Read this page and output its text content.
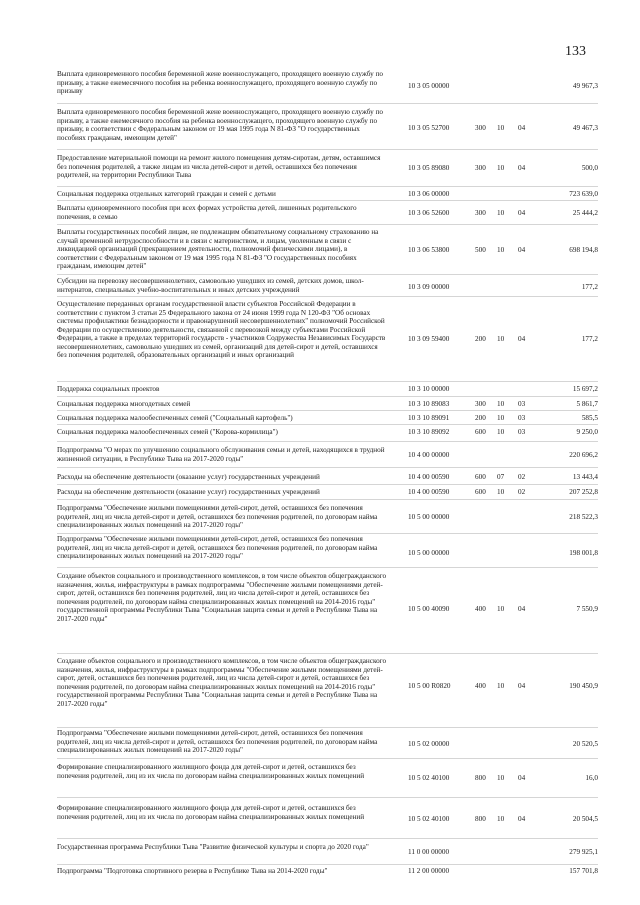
133
Выплата единовременного пособия беременной жене военнослужащего, проходящего военную службу по призыву, а также ежемесячного пособия на ребенка военнослужащего, проходящего военную службу по призыву
10 3 05 00000	49 967,3
Выплата единовременного пособия беременной жене военнослужащего, проходящего военную службу по призыву, а также ежемесячного пособия на ребенка военнослужащего, проходящего военную службу по призыву, в соответствии с Федеральным законом от 19 мая 1995 года N 81-ФЗ "О государственных пособиях гражданам, имеющим детей"
10 3 05 52700	300	10	04	49 467,3
Предоставление материальной помощи на ремонт жилого помещения детям-сиротам, детям, оставшимся без попечения родителей, а также лицам из числа детей-сирот и детей, оставшихся без попечения родителей, на территории Республики Тыва
10 3 05 89080	300	10	04	500,0
Социальная поддержка отдельных категорий граждан и семей с детьми	10 3 06 00000	723 639,0
Выплаты единовременного пособия при всех формах устройства детей, лишенных родительского попечения, в семью	10 3 06 52600	300	10	04	25 444,2
Выплаты государственных пособий лицам, не подлежащим обязательному социальному страхованию на случай временной нетрудоспособности и в связи с материнством, и лицам, уволенным в связи с ликвидацией организаций (прекращением деятельности, полномочий физическими лицами), в соответствии с Федеральным законом от 19 мая 1995 года N 81-ФЗ "О государственных пособиях гражданам, имеющим детей"
10 3 06 53800	500	10	04	698 194,8
Субсидии на перевозку несовершеннолетних, самовольно ушедших из семей, детских домов, школ-интернатов, специальных учебно-воспитательных и иных детских учреждений	10 3 09 00000	177,2
Осуществление переданных органам государственной власти субъектов Российской Федерации в соответствии с пунктом 3 статьи 25 Федерального закона от 24 июня 1999 года N 120-ФЗ "Об основах системы профилактики безнадзорности и правонарушений несовершеннолетних" полномочий Российской Федерации по осуществлению деятельности, связанной с перевозкой между субъектами Российской Федерации, а также в пределах территорий государств - участников Содружества Независимых Государств несовершеннолетних, самовольно ушедших из семей, организаций для детей-сирот и детей, оставшихся без попечения родителей, образовательных организаций и иных организаций
10 3 09 59400	200	10	04	177,2
Поддержка социальных проектов	10 3 10 00000	15 697,2
Социальная поддержка многодетных семей	10 3 10 89083	300	10	03	5 861,7
Социальная поддержка малообеспеченных семей ("Социальный картофель")	10 3 10 89091	200	10	03	585,5
Социальная поддержка малообеспеченных семей ("Корова-кормилица")	10 3 10 89092	600	10	03	9 250,0
Подпрограмма "О мерах по улучшению социального обслуживания семьи и детей, находящихся в трудной жизненной ситуации, в Республике Тыва на 2017-2020 годы"	10 4 00 00000	220 696,2
Расходы на обеспечение деятельности (оказание услуг) государственных учреждений	10 4 00 00590	600	07	02	13 443,4
Расходы на обеспечение деятельности (оказание услуг) государственных учреждений	10 4 00 00590	600	10	02	207 252,8
Подпрограмма "Обеспечение жилыми помещениями детей-сирот, детей, оставшихся без попечения родителей, лиц из числа детей-сирот и детей, оставшихся без попечения родителей, по договорам найма специализированных жилых помещений на 2017-2020 годы"
10 5 00 00000	218 522,3
Подпрограмма "Обеспечение жилыми помещениями детей-сирот, детей, оставшихся без попечения родителей, лиц из числа детей-сирот и детей, оставшихся без попечения родителей, по договорам найма специализированных жилых помещений на 2017-2020 годы"	10 5 00 00000	198 001,8
Создание объектов социального и производственного комплексов, в том числе объектов общегражданского назначения, жилья, инфраструктуры в рамках подпрограммы "Обеспечение жилыми помещениями детей-сирот, детей, оставшихся без попечения родителей, лиц из числа детей-сирот и детей, оставшихся без попечения родителей, по договорам найма специализированных жилых помещений на 2014-2016 годы" государственной программы Республики Тыва "Социальная защита семьи и детей в Республике Тыва на 2017-2020 годы"
10 5 00 40090	400	10	04	7 550,9
Создание объектов социального и производственного комплексов, в том числе объектов общегражданского назначения, жилья, инфраструктуры в рамках подпрограммы "Обеспечение жилыми помещениями детей-сирот, детей, оставшихся без попечения родителей, лиц из числа детей-сирот и детей, оставшихся без попечения родителей, по договорам найма специализированных жилых помещений на 2014-2016 годы" государственной программы Республики Тыва "Социальная защита семьи и детей в Республике Тыва на 2017-2020 годы"
10 5 00 R0820	400	10	04	190 450,9
Подпрограмма "Обеспечение жилыми помещениями детей-сирот, детей, оставшихся без попечения родителей, лиц из числа детей-сирот и детей, оставшихся без попечения родителей, по договорам найма специализированных жилых помещений на 2017-2020 годы"
10 5 02 00000	20 520,5
Формирование специализированного жилищного фонда для детей-сирот и детей, оставшихся без попечения родителей, лиц из их числа по договорам найма специализированных жилых помещений	10 5 02 40100	800	10	04	16,0
Формирование специализированного жилищного фонда для детей-сирот и детей, оставшихся без попечения родителей, лиц из их числа по договорам найма специализированных жилых помещений	10 5 02 40100	800	10	04	20 504,5
Государственная программа Республики Тыва "Развитие физической культуры и спорта до 2020 года"
11 0 00 00000	279 925,1
Подпрограмма "Подготовка спортивного резерва в Республике Тыва на 2014-2020 годы"	11 2 00 00000	157 701,8
